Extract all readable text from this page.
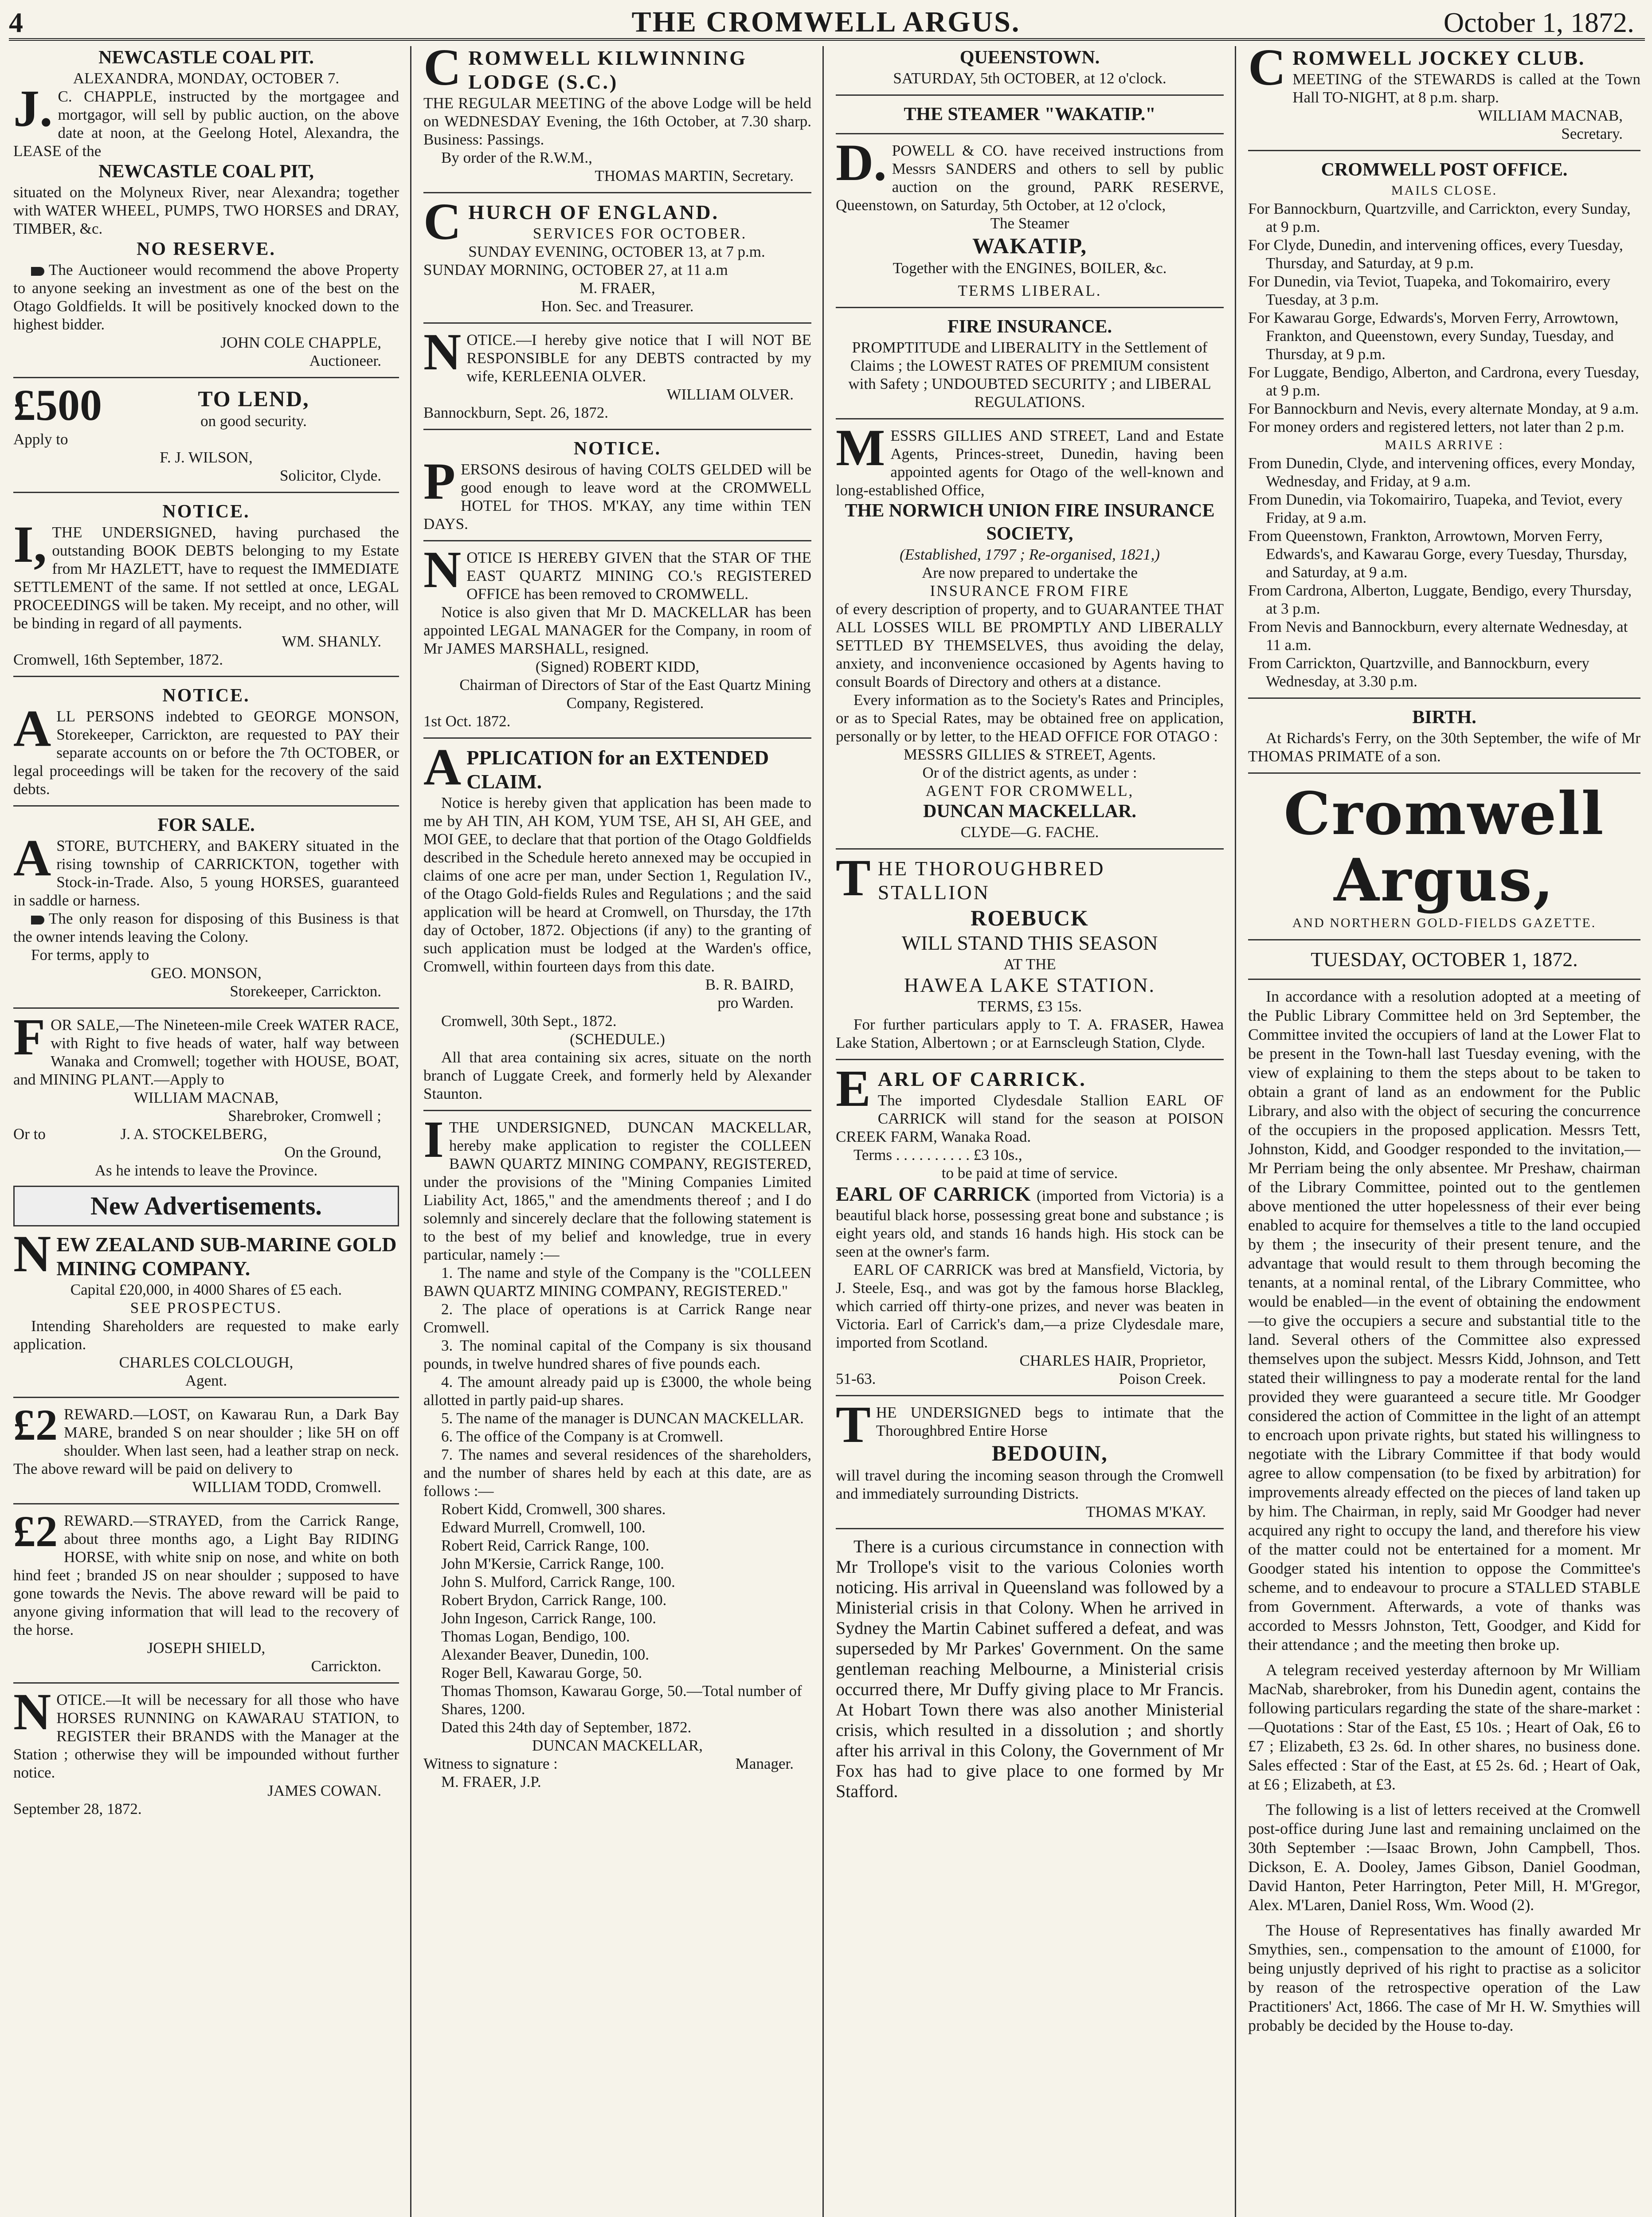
4	THE CROMWELL ARGUS.	October 1, 1872.
NEWCASTLE COAL PIT.
ALEXANDRA, MONDAY, OCTOBER 7.
J.C. CHAPPLE, instructed by the mortgagee and mortgagor, will sell by public auction, on the above date at noon, at the Geelong Hotel, Alexandra, the LEASE of the
NEWCASTLE COAL PIT,
situated on the Molyneux River, near Alexandra; together with WATER WHEEL, PUMPS, TWO HORSES and DRAY, TIMBER, &c.
NO RESERVE.
The Auctioneer would recommend the above Property to anyone seeking an investment as one of the best on the Otago Goldfields. It will be positively knocked down to the highest bidder.
JOHN COLE CHAPPLE,
Auctioneer.
£500	TO LEND,
on good security.
Apply to
F. J. WILSON,
Solicitor, Clyde.
NOTICE.
I,THE UNDERSIGNED, having purchased the outstanding BOOK DEBTS belonging to my Estate from Mr HAZLETT, have to request the IMMEDIATE SETTLEMENT of the same. If not settled at once, LEGAL PROCEEDINGS will be taken. My receipt, and no other, will be binding in regard of all payments.
WM. SHANLY.
Cromwell, 16th September, 1872.
NOTICE.
ALL PERSONS indebted to GEORGE MONSON, Storekeeper, Carrickton, are requested to PAY their separate accounts on or before the 7th OCTOBER, or legal proceedings will be taken for the recovery of the said debts.
FOR SALE.
ASTORE, BUTCHERY, and BAKERY situated in the rising township of CARRICKTON, together with Stock-in-Trade. Also, 5 young HORSES, guaranteed in saddle or harness.
The only reason for disposing of this Business is that the owner intends leaving the Colony.
For terms, apply to
GEO. MONSON,
Storekeeper, Carrickton.
FOR SALE,—The Nineteen-mile Creek WATER RACE, with Right to five heads of water, half way between Wanaka and Cromwell; together with HOUSE, BOAT, and MINING PLANT.—Apply to
WILLIAM MACNAB,
Sharebroker, Cromwell ;
Or to	J. A. STOCKELBERG,
On the Ground,
As he intends to leave the Province.
New Advertisements.
NEW ZEALAND SUB-MARINE GOLD MINING COMPANY.
Capital £20,000, in 4000 Shares of £5 each.
SEE PROSPECTUS.
Intending Shareholders are requested to make early application.
CHARLES COLCLOUGH,
Agent.
£2 REWARD.—LOST, on Kawarau Run, a Dark Bay MARE, branded S on near shoulder ; like 5H on off shoulder. When last seen, had a leather strap on neck. The above reward will be paid on delivery to
WILLIAM TODD, Cromwell.
£2 REWARD.—STRAYED, from the Carrick Range, about three months ago, a Light Bay RIDING HORSE, with white snip on nose, and white on both hind feet ; branded JS on near shoulder ; supposed to have gone towards the Nevis. The above reward will be paid to anyone giving information that will lead to the recovery of the horse.
JOSEPH SHIELD,
Carrickton.
NOTICE.—It will be necessary for all those who have HORSES RUNNING on KAWARAU STATION, to REGISTER their BRANDS with the Manager at the Station ; otherwise they will be impounded without further notice.
JAMES COWAN.
September 28, 1872.
CROMWELL KILWINNING LODGE (S.C.)
THE REGULAR MEETING of the above Lodge will be held on WEDNESDAY Evening, the 16th October, at 7.30 sharp. Business: Passings.
By order of the R.W.M.,
THOMAS MARTIN, Secretary.
CHURCH OF ENGLAND.
SERVICES FOR OCTOBER.
SUNDAY EVENING, OCTOBER 13, at 7 p.m.
SUNDAY MORNING, OCTOBER 27, at 11 a.m
M. FRAER,
Hon. Sec. and Treasurer.
NOTICE.—I hereby give notice that I will NOT BE RESPONSIBLE for any DEBTS contracted by my wife, KERLEENIA OLVER.
WILLIAM OLVER.
Bannockburn, Sept. 26, 1872.
NOTICE.
PERSONS desirous of having COLTS GELDED will be good enough to leave word at the CROMWELL HOTEL for THOS. M'KAY, any time within TEN DAYS.
NOTICE IS HEREBY GIVEN that the STAR OF THE EAST QUARTZ MINING CO.'s REGISTERED OFFICE has been removed to CROMWELL.
Notice is also given that Mr D. MACKELLAR has been appointed LEGAL MANAGER for the Company, in room of Mr JAMES MARSHALL, resigned.
(Signed) ROBERT KIDD,
Chairman of Directors of Star of the East Quartz Mining Company, Registered.
1st Oct. 1872.
APPLICATION for an EXTENDED CLAIM.
Notice is hereby given that application has been made to me by AH TIN, AH KOM, YUM TSE, AH SI, AH GEE, and MOI GEE, to declare that that portion of the Otago Goldfields described in the Schedule hereto annexed may be occupied in claims of one acre per man, under Section 1, Regulation IV., of the Otago Gold-fields Rules and Regulations ; and the said application will be heard at Cromwell, on Thursday, the 17th day of October, 1872. Objections (if any) to the granting of such application must be lodged at the Warden's office, Cromwell, within fourteen days from this date.
B. R. BAIRD,
pro Warden.
Cromwell, 30th Sept., 1872.
(SCHEDULE.)
All that area containing six acres, situate on the north branch of Luggate Creek, and formerly held by Alexander Staunton.
ITHE UNDERSIGNED, DUNCAN MACKELLAR, hereby make application to register the COLLEEN BAWN QUARTZ MINING COMPANY, REGISTERED, under the provisions of the "Mining Companies Limited Liability Act, 1865," and the amendments thereof ; and I do solemnly and sincerely declare that the following statement is to the best of my belief and knowledge, true in every particular, namely :—
1. The name and style of the Company is the "COLLEEN BAWN QUARTZ MINING COMPANY, REGISTERED."
2. The place of operations is at Carrick Range near Cromwell.
3. The nominal capital of the Company is six thousand pounds, in twelve hundred shares of five pounds each.
4. The amount already paid up is £3000, the whole being allotted in partly paid-up shares.
5. The name of the manager is DUNCAN MACKELLAR.
6. The office of the Company is at Cromwell.
7. The names and several residences of the shareholders, and the number of shares held by each at this date, are as follows :—
Robert Kidd, Cromwell, 300 shares.
Edward Murrell, Cromwell, 100.
Robert Reid, Carrick Range, 100.
John M'Kersie, Carrick Range, 100.
John S. Mulford, Carrick Range, 100.
Robert Brydon, Carrick Range, 100.
John Ingeson, Carrick Range, 100.
Thomas Logan, Bendigo, 100.
Alexander Beaver, Dunedin, 100.
Roger Bell, Kawarau Gorge, 50.
Thomas Thomson, Kawarau Gorge, 50.—Total number of Shares, 1200.
Dated this 24th day of September, 1872.
DUNCAN MACKELLAR,
Witness to signature :	Manager.
M. FRAER, J.P.
QUEENSTOWN.
SATURDAY, 5th OCTOBER, at 12 o'clock.
THE STEAMER "WAKATIP."
D.POWELL & CO. have received instructions from Messrs SANDERS and others to sell by public auction on the ground, PARK RESERVE, Queenstown, on Saturday, 5th October, at 12 o'clock,
The Steamer
WAKATIP,
Together with the ENGINES, BOILER, &c.
TERMS LIBERAL.
FIRE INSURANCE.
PROMPTITUDE and LIBERALITY in the Settlement of Claims ; the LOWEST RATES OF PREMIUM consistent with Safety ; UNDOUBTED SECURITY ; and LIBERAL REGULATIONS.
MESSRS GILLIES AND STREET, Land and Estate Agents, Princes-street, Dunedin, having been appointed agents for Otago of the well-known and long-established Office,
THE NORWICH UNION FIRE INSURANCE SOCIETY,
(Established, 1797 ; Re-organised, 1821,)
Are now prepared to undertake the
INSURANCE FROM FIRE
of every description of property, and to GUARANTEE THAT ALL LOSSES WILL BE PROMPTLY AND LIBERALLY SETTLED BY THEMSELVES, thus avoiding the delay, anxiety, and inconvenience occasioned by Agents having to consult Boards of Directory and others at a distance.
Every information as to the Society's Rates and Principles, or as to Special Rates, may be obtained free on application, personally or by letter, to the HEAD OFFICE FOR OTAGO :
MESSRS GILLIES & STREET, Agents.
Or of the district agents, as under :
AGENT FOR CROMWELL,
DUNCAN MACKELLAR.
CLYDE—G. FACHE.
THE THOROUGHBRED STALLION
ROEBUCK
WILL STAND THIS SEASON
AT THE
HAWEA LAKE STATION.
TERMS, £3 15s.
For further particulars apply to T. A. FRASER, Hawea Lake Station, Albertown ; or at Earnscleugh Station, Clyde.
EARL OF CARRICK.
The imported Clydesdale Stallion EARL OF CARRICK will stand for the season at POISON CREEK FARM, Wanaka Road.
Terms . . . . . . . . . . £3 10s.,
to be paid at time of service.
EARL OF CARRICK (imported from Victoria) is a beautiful black horse, possessing great bone and substance ; is eight years old, and stands 16 hands high. His stock can be seen at the owner's farm.
EARL OF CARRICK was bred at Mansfield, Victoria, by J. Steele, Esq., and was got by the famous horse Blackleg, which carried off thirty-one prizes, and never was beaten in Victoria. Earl of Carrick's dam,—a prize Clydesdale mare, imported from Scotland.
CHARLES HAIR, Proprietor,
51-63.	Poison Creek.
THE UNDERSIGNED begs to intimate that the Thoroughbred Entire Horse
BEDOUIN,
will travel during the incoming season through the Cromwell and immediately surrounding Districts.
THOMAS M'KAY.
There is a curious circumstance in connection with Mr Trollope's visit to the various Colonies worth noticing. His arrival in Queensland was followed by a Ministerial crisis in that Colony. When he arrived in Sydney the Martin Cabinet suffered a defeat, and was superseded by Mr Parkes' Government. On the same gentleman reaching Melbourne, a Ministerial crisis occurred there, Mr Duffy giving place to Mr Francis. At Hobart Town there was also another Ministerial crisis, which resulted in a dissolution ; and shortly after his arrival in this Colony, the Government of Mr Fox has had to give place to one formed by Mr Stafford.
CROMWELL JOCKEY CLUB.
MEETING of the STEWARDS is called at the Town Hall TO-NIGHT, at 8 p.m. sharp.
WILLIAM MACNAB,
Secretary.
CROMWELL POST OFFICE.
MAILS CLOSE.
For Bannockburn, Quartzville, and Carrickton, every Sunday, at 9 p.m.
For Clyde, Dunedin, and intervening offices, every Tuesday, Thursday, and Saturday, at 9 p.m.
For Dunedin, via Teviot, Tuapeka, and Tokomairiro, every Tuesday, at 3 p.m.
For Kawarau Gorge, Edwards's, Morven Ferry, Arrowtown, Frankton, and Queenstown, every Sunday, Tuesday, and Thursday, at 9 p.m.
For Luggate, Bendigo, Alberton, and Cardrona, every Tuesday, at 9 p.m.
For Bannockburn and Nevis, every alternate Monday, at 9 a.m.
For money orders and registered letters, not later than 2 p.m.
MAILS ARRIVE :
From Dunedin, Clyde, and intervening offices, every Monday, Wednesday, and Friday, at 9 a.m.
From Dunedin, via Tokomairiro, Tuapeka, and Teviot, every Friday, at 9 a.m.
From Queenstown, Frankton, Arrowtown, Morven Ferry, Edwards's, and Kawarau Gorge, every Tuesday, Thursday, and Saturday, at 9 a.m.
From Cardrona, Alberton, Luggate, Bendigo, every Thursday, at 3 p.m.
From Nevis and Bannockburn, every alternate Wednesday, at 11 a.m.
From Carrickton, Quartzville, and Bannockburn, every Wednesday, at 3.30 p.m.
BIRTH.
At Richards's Ferry, on the 30th September, the wife of Mr THOMAS PRIMATE of a son.
Cromwell Argus,
AND NORTHERN GOLD-FIELDS GAZETTE.
TUESDAY, OCTOBER 1, 1872.
In accordance with a resolution adopted at a meeting of the Public Library Committee held on 3rd September, the Committee invited the occupiers of land at the Lower Flat to be present in the Town-hall last Tuesday evening, with the view of explaining to them the steps about to be taken to obtain a grant of land as an endowment for the Public Library, and also with the object of securing the concurrence of the occupiers in the proposed application. Messrs Tett, Johnston, Kidd, and Goodger responded to the invitation,—Mr Perriam being the only absentee. Mr Preshaw, chairman of the Library Committee, pointed out to the gentlemen above mentioned the utter hopelessness of their ever being enabled to acquire for themselves a title to the land occupied by them ; the insecurity of their present tenure, and the advantage that would result to them through becoming the tenants, at a nominal rental, of the Library Committee, who would be enabled—in the event of obtaining the endowment—to give the occupiers a secure and substantial title to the land. Several others of the Committee also expressed themselves upon the subject. Messrs Kidd, Johnson, and Tett stated their willingness to pay a moderate rental for the land provided they were guaranteed a secure title. Mr Goodger considered the action of Committee in the light of an attempt to encroach upon private rights, but stated his willingness to negotiate with the Library Committee if that body would agree to allow compensation (to be fixed by arbitration) for improvements already effected on the pieces of land taken up by him. The Chairman, in reply, said Mr Goodger had never acquired any right to occupy the land, and therefore his view of the matter could not be entertained for a moment. Mr Goodger stated his intention to oppose the Committee's scheme, and to endeavour to procure a STALLED STABLE from Government. Afterwards, a vote of thanks was accorded to Messrs Johnston, Tett, Goodger, and Kidd for their attendance ; and the meeting then broke up.
A telegram received yesterday afternoon by Mr William MacNab, sharebroker, from his Dunedin agent, contains the following particulars regarding the state of the share-market :—Quotations : Star of the East, £5 10s. ; Heart of Oak, £6 to £7 ; Elizabeth, £3 2s. 6d. In other shares, no business done. Sales effected : Star of the East, at £5 2s. 6d. ; Heart of Oak, at £6 ; Elizabeth, at £3.
The following is a list of letters received at the Cromwell post-office during June last and remaining unclaimed on the 30th September :—Isaac Brown, John Campbell, Thos. Dickson, E. A. Dooley, James Gibson, Daniel Goodman, David Hanton, Peter Harrington, Peter Mill, H. M'Gregor, Alex. M'Laren, Daniel Ross, Wm. Wood (2).
The House of Representatives has finally awarded Mr Smythies, sen., compensation to the amount of £1000, for being unjustly deprived of his right to practise as a solicitor by reason of the retrospective operation of the Law Practitioners' Act, 1866. The case of Mr H. W. Smythies will probably be decided by the House to-day.
